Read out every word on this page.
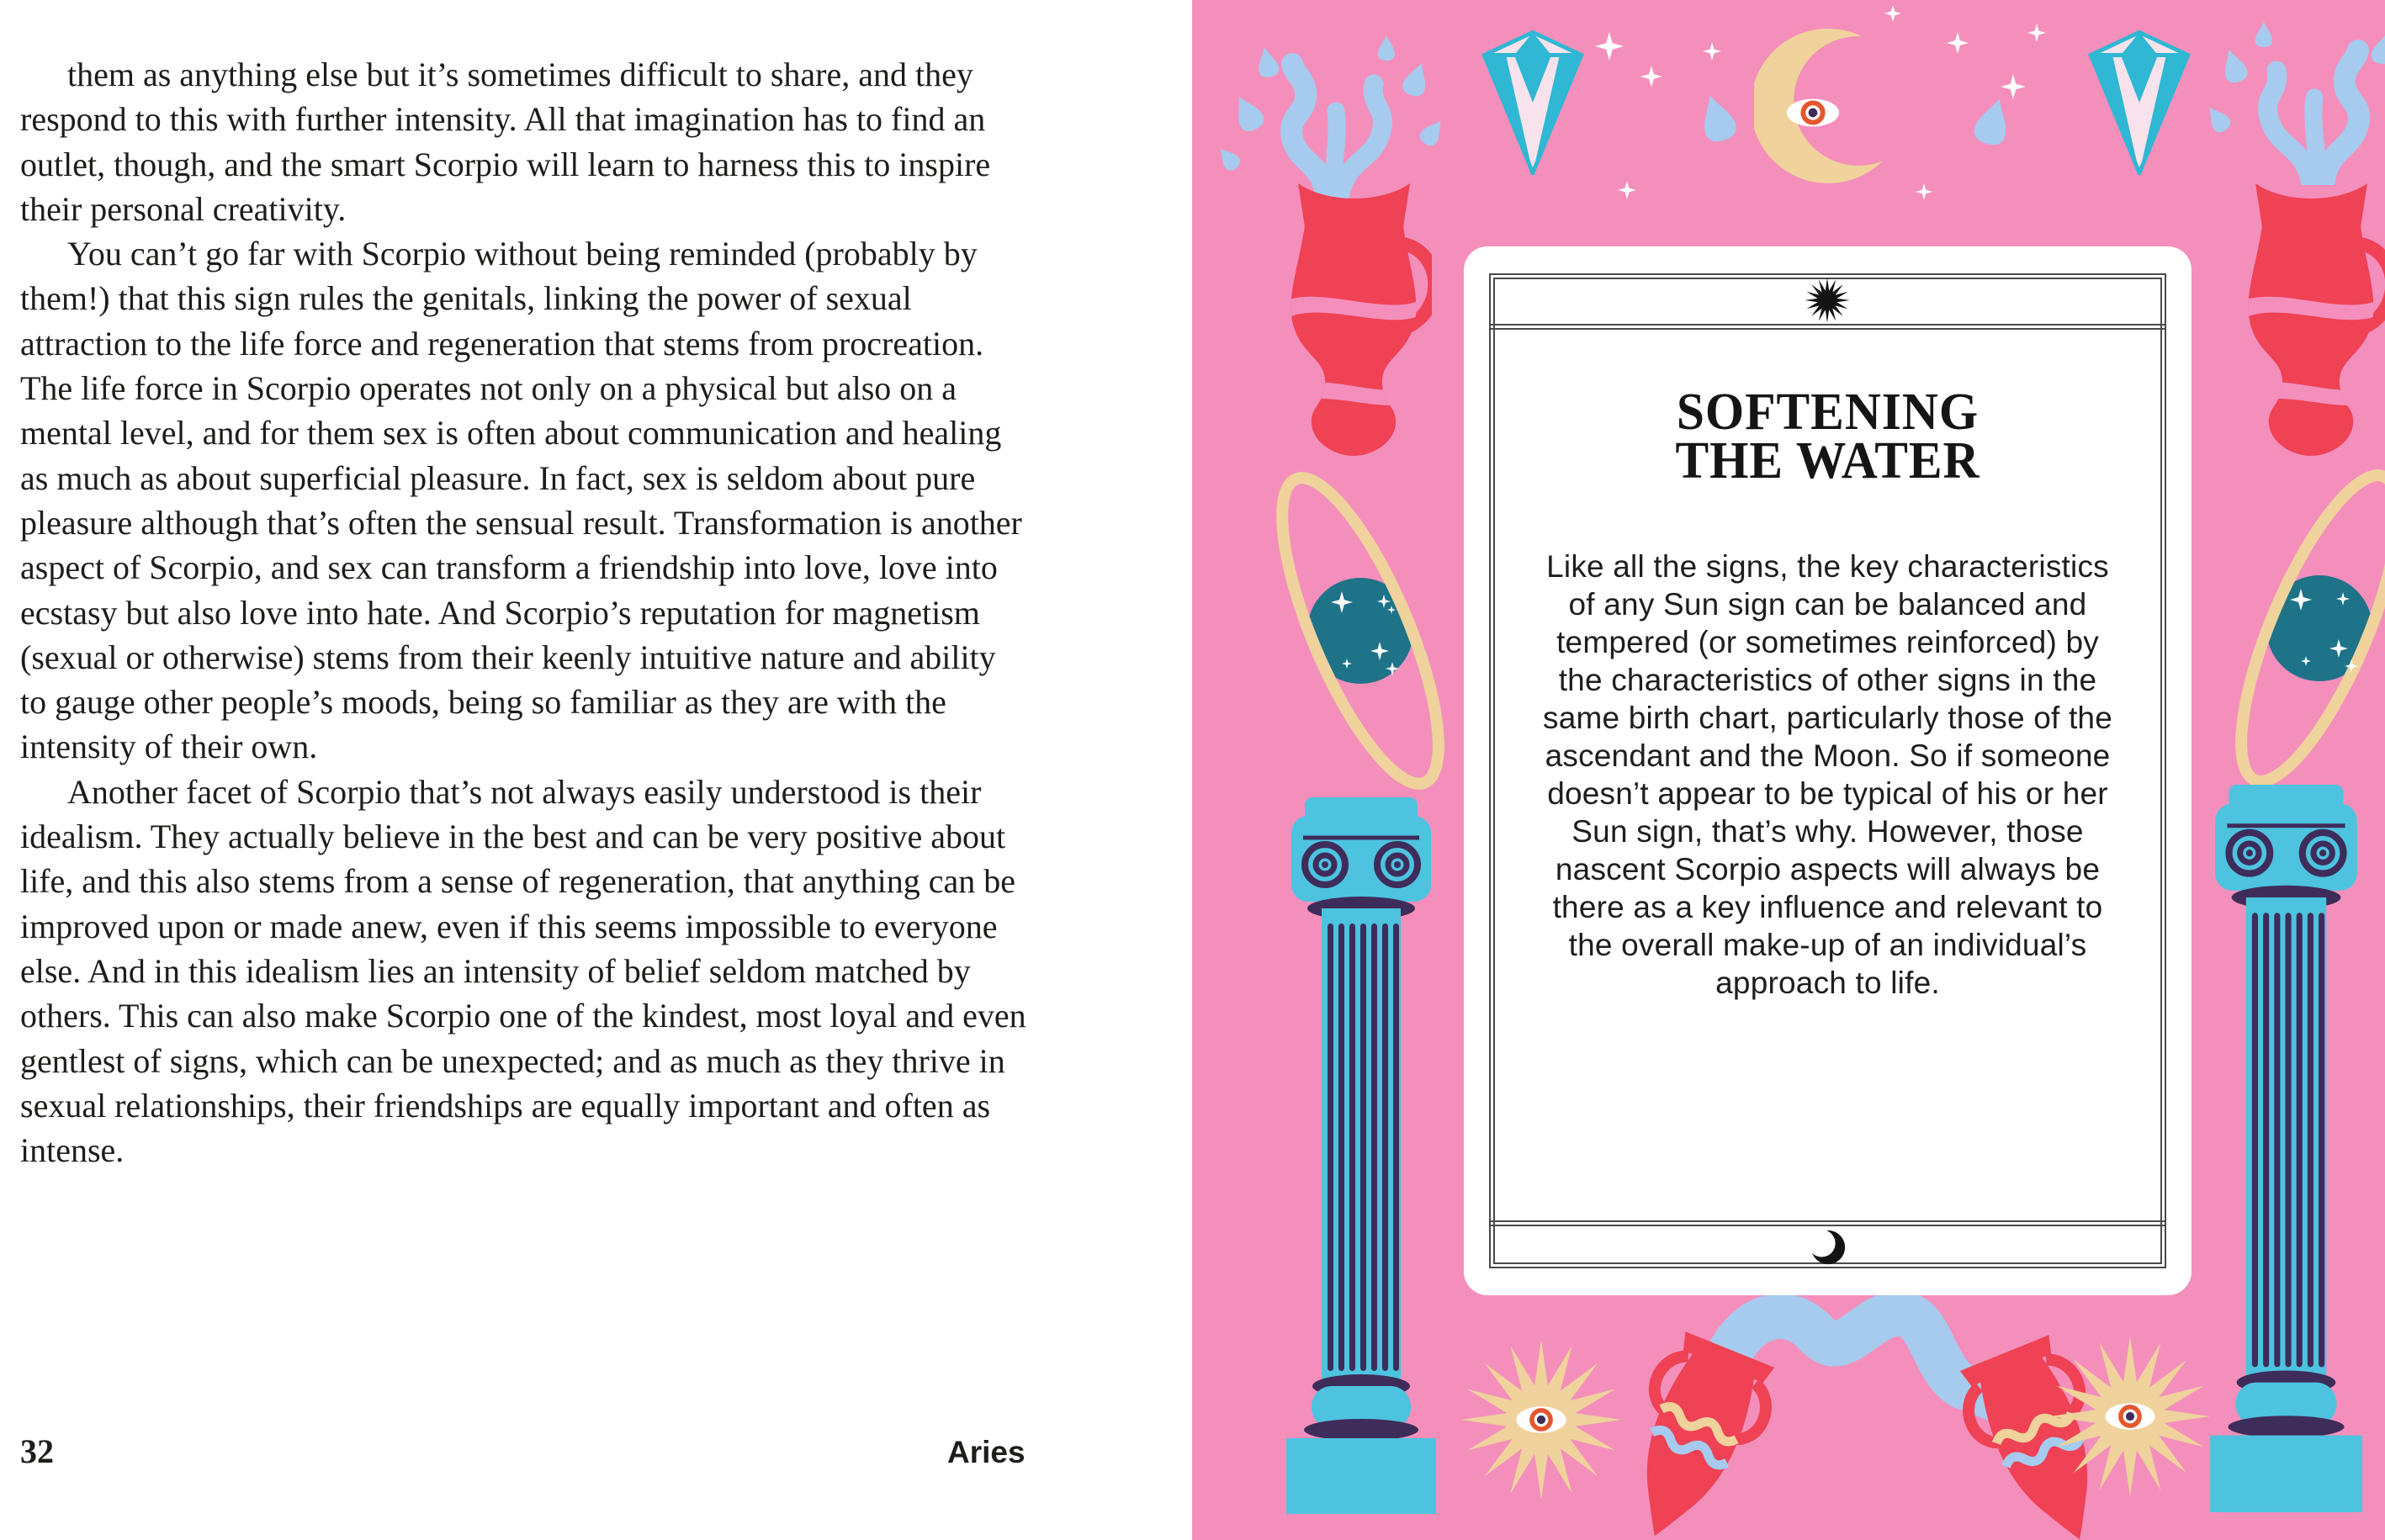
them as anything else but it’s sometimes difficult to share, and they respond to this with further intensity. All that imagination has to find an outlet, though, and the smart Scorpio will learn to harness this to inspire their personal creativity.

You can’t go far with Scorpio without being reminded (probably by them!) that this sign rules the genitals, linking the power of sexual attraction to the life force and regeneration that stems from procreation. The life force in Scorpio operates not only on a physical but also on a mental level, and for them sex is often about communication and healing as much as about superficial pleasure. In fact, sex is seldom about pure pleasure although that’s often the sensual result. Transformation is another aspect of Scorpio, and sex can transform a friendship into love, love into ecstasy but also love into hate. And Scorpio’s reputation for magnetism (sexual or otherwise) stems from their keenly intuitive nature and ability to gauge other people’s moods, being so familiar as they are with the intensity of their own.

Another facet of Scorpio that’s not always easily understood is their idealism. They actually believe in the best and can be very positive about life, and this also stems from a sense of regeneration, that anything can be improved upon or made anew, even if this seems impossible to everyone else. And in this idealism lies an intensity of belief seldom matched by others. This can also make Scorpio one of the kindest, most loyal and even gentlest of signs, which can be unexpected; and as much as they thrive in sexual relationships, their friendships are equally important and often as intense.

32	Aries
SOFTENING
THE WATER

Like all the signs, the key characteristics of any Sun sign can be balanced and tempered (or sometimes reinforced) by the characteristics of other signs in the same birth chart, particularly those of the ascendant and the Moon. So if someone doesn’t appear to be typical of his or her Sun sign, that’s why. However, those nascent Scorpio aspects will always be there as a key influence and relevant to the overall make-up of an individual’s approach to life.
